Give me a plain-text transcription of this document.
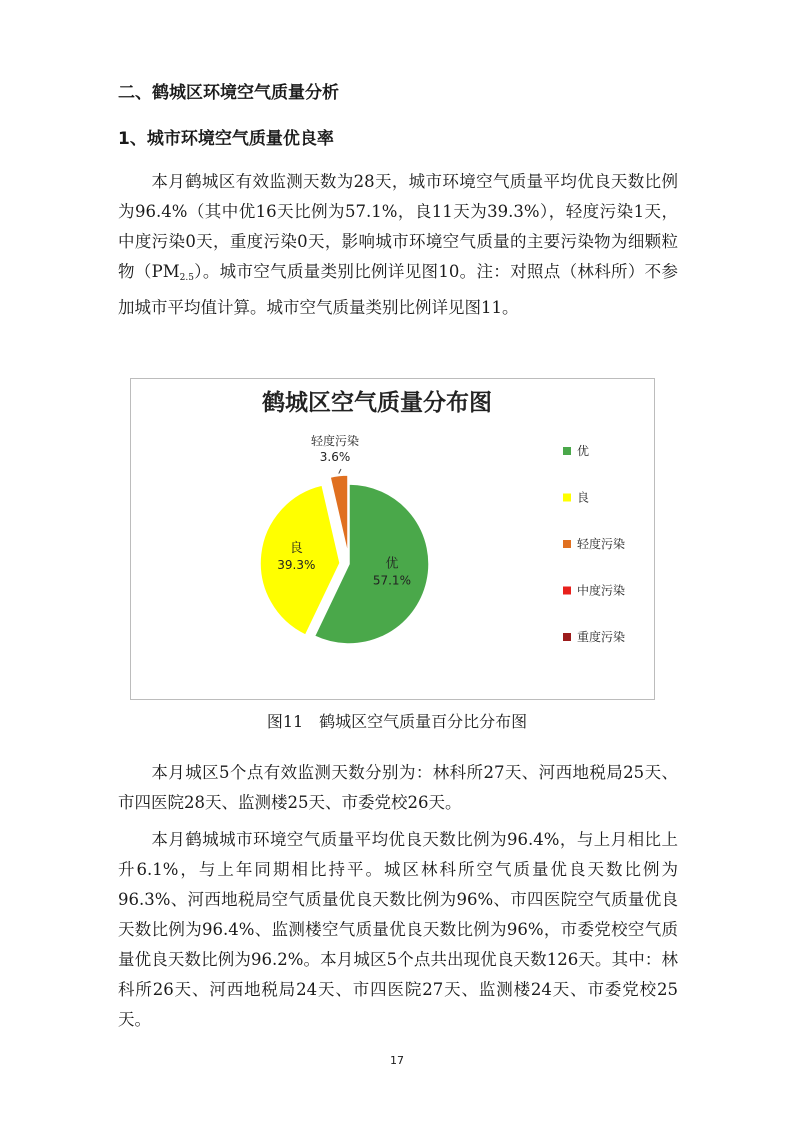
二、鹤城区环境空气质量分析
1、城市环境空气质量优良率

本月鹤城区有效监测天数为28天，城市环境空气质量平均优良天数比例为96.4%（其中优16天比例为57.1%，良11天为39.3%），轻度污染1天，中度污染0天，重度污染0天，影响城市环境空气质量的主要污染物为细颗粒物$(PM_{2.5})$。城市空气质量类别比例详见图10。注：对照点（林科所）不参加城市平均值计算。城市空气质量类别比例详见图11。

鹤城区空气质量分布图
优
57.1%
良
39.3%
轻度污染
3.6%	优
良
轻度污染
中度污染
重度污染
图11　鹤城区空气质量百分比分布图

本月城区5个点有效监测天数分别为：林科所27天、河西地税局25天、市四医院28天、监测楼25天、市委党校26天。

本月鹤城城市环境空气质量平均优良天数比例为96.4%，与上月相比上升6.1%，与上年同期相比持平。城区林科所空气质量优良天数比例为96.3%、河西地税局空气质量优良天数比例为96%、市四医院空气质量优良天数比例为96.4%、监测楼空气质量优良天数比例为96%，市委党校空气质量优良天数比例为96.2%。本月城区5个点共出现优良天数126天。其中：林科所26天、河西地税局24天、市四医院27天、监测楼24天、市委党校25天。

17
